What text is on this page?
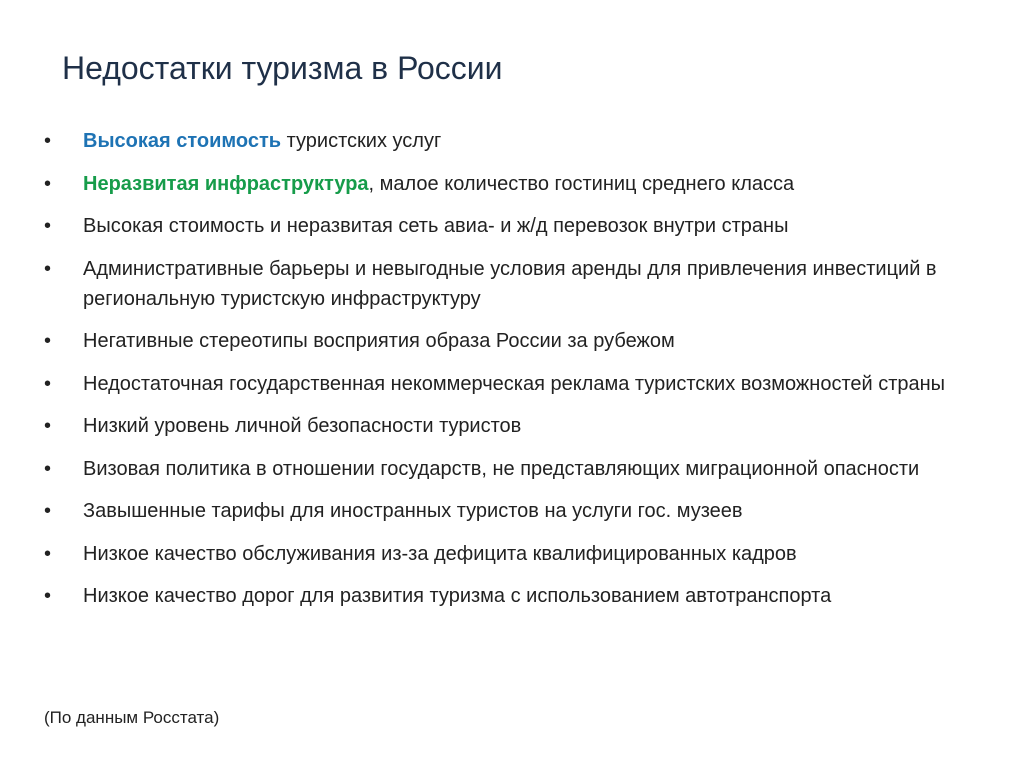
Недостатки туризма в России
•	Высокая стоимость туристских услуг
•	Неразвитая инфраструктура, малое количество гостиниц среднего класса
•	Высокая стоимость и неразвитая сеть авиа- и ж/д перевозок внутри страны
•	Административные барьеры и невыгодные условия аренды для привлечения инвестиций в региональную туристскую инфраструктуру
•	Негативные стереотипы восприятия образа России за рубежом
•	Недостаточная государственная некоммерческая реклама туристских возможностей страны
•	Низкий уровень личной безопасности туристов
•	Визовая политика в отношении государств, не представляющих миграционной опасности
•	Завышенные тарифы для иностранных туристов на услуги гос. музеев
•	Низкое качество обслуживания из-за дефицита квалифицированных кадров
•	Низкое качество дорог для развития туризма с использованием автотранспорта
(По данным Росстата)
